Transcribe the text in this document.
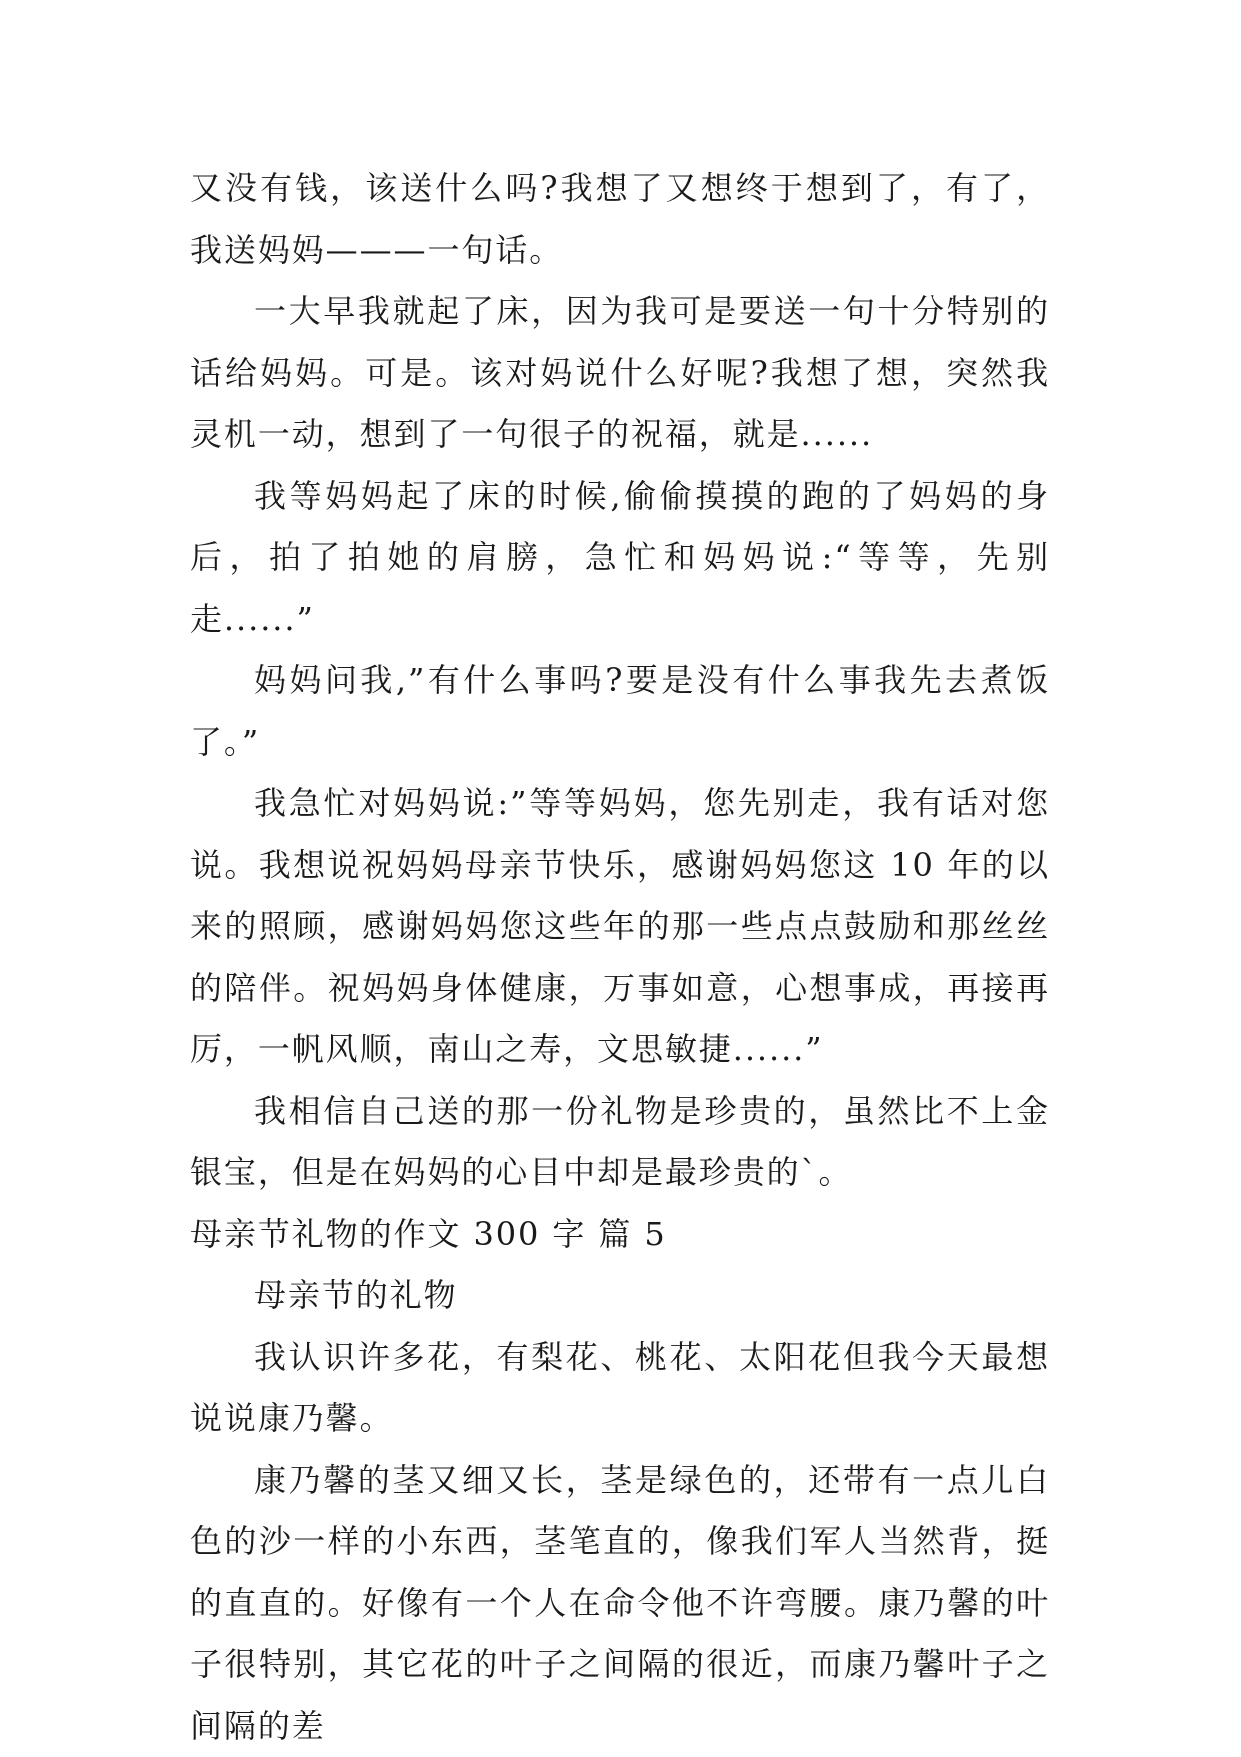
又没有钱，该送什么吗?我想了又想终于想到了，有了，我送妈妈———一句话。

一大早我就起了床，因为我可是要送一句十分特别的话给妈妈。可是。该对妈说什么好呢?我想了想，突然我灵机一动，想到了一句很子的祝福，就是......

我等妈妈起了床的时候,偷偷摸摸的跑的了妈妈的身后，拍了拍她的肩膀，急忙和妈妈说:“等等，先别走......”

妈妈问我,”有什么事吗?要是没有什么事我先去煮饭了。”

我急忙对妈妈说:”等等妈妈，您先别走，我有话对您说。我想说祝妈妈母亲节快乐，感谢妈妈您这 10 年的以来的照顾，感谢妈妈您这些年的那一些点点鼓励和那丝丝的陪伴。祝妈妈身体健康，万事如意，心想事成，再接再厉，一帆风顺，南山之寿，文思敏捷......”

我相信自己送的那一份礼物是珍贵的，虽然比不上金银宝，但是在妈妈的心目中却是最珍贵的`。

母亲节礼物的作文 300 字 篇 5

母亲节的礼物

我认识许多花，有梨花、桃花、太阳花但我今天最想说说康乃馨。

康乃馨的茎又细又长，茎是绿色的，还带有一点儿白色的沙一样的小东西，茎笔直的，像我们军人当然背，挺的直直的。好像有一个人在命令他不许弯腰。康乃馨的叶子很特别，其它花的叶子之间隔的很近，而康乃馨叶子之间隔的差
